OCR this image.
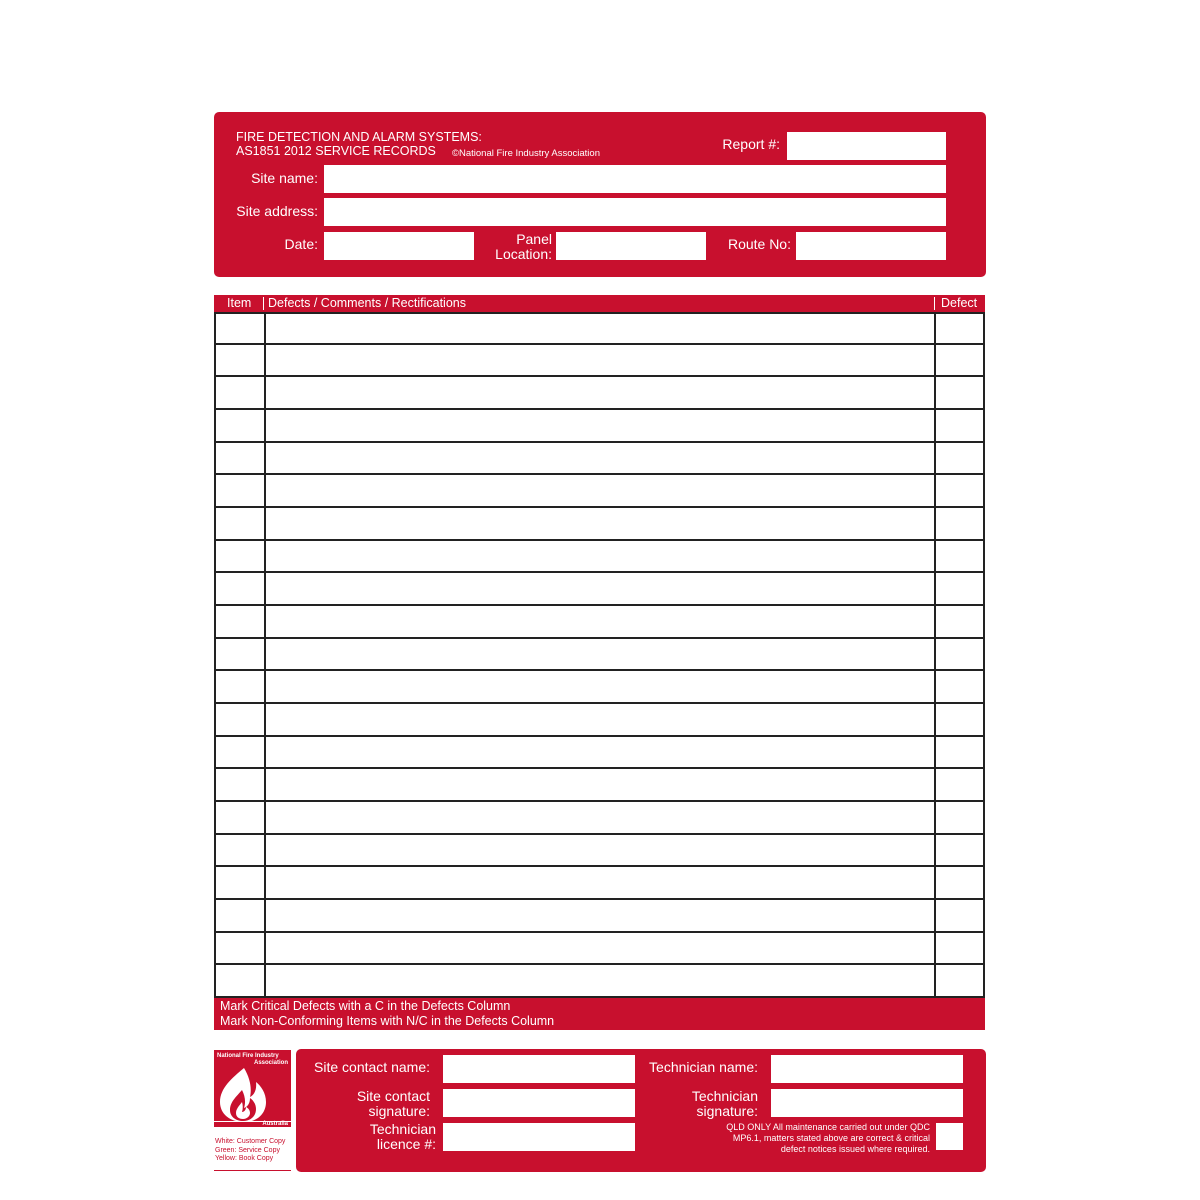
FIRE DETECTION AND ALARM SYSTEMS:
AS1851 2012 SERVICE RECORDS ©National Fire Industry Association
Report #:
Site name:
Site address:
Date:	Panel
Location:
Route No:
Item Defects / Comments / Rectifications	Defect
Mark Critical Defects with a C in the Defects Column
Mark Non-Conforming Items with N/C in the Defects Column
National Fire Industry
Association
Australia
White: Customer Copy
Green: Service Copy
Yellow: Book Copy
Site contact name:
Site contact
signature:
Technician
licence #:
Technician name:
Technician
signature:
QLD ONLY All maintenance carried out under QDC
MP6.1, matters stated above are correct & critical
defect notices issued where required.
